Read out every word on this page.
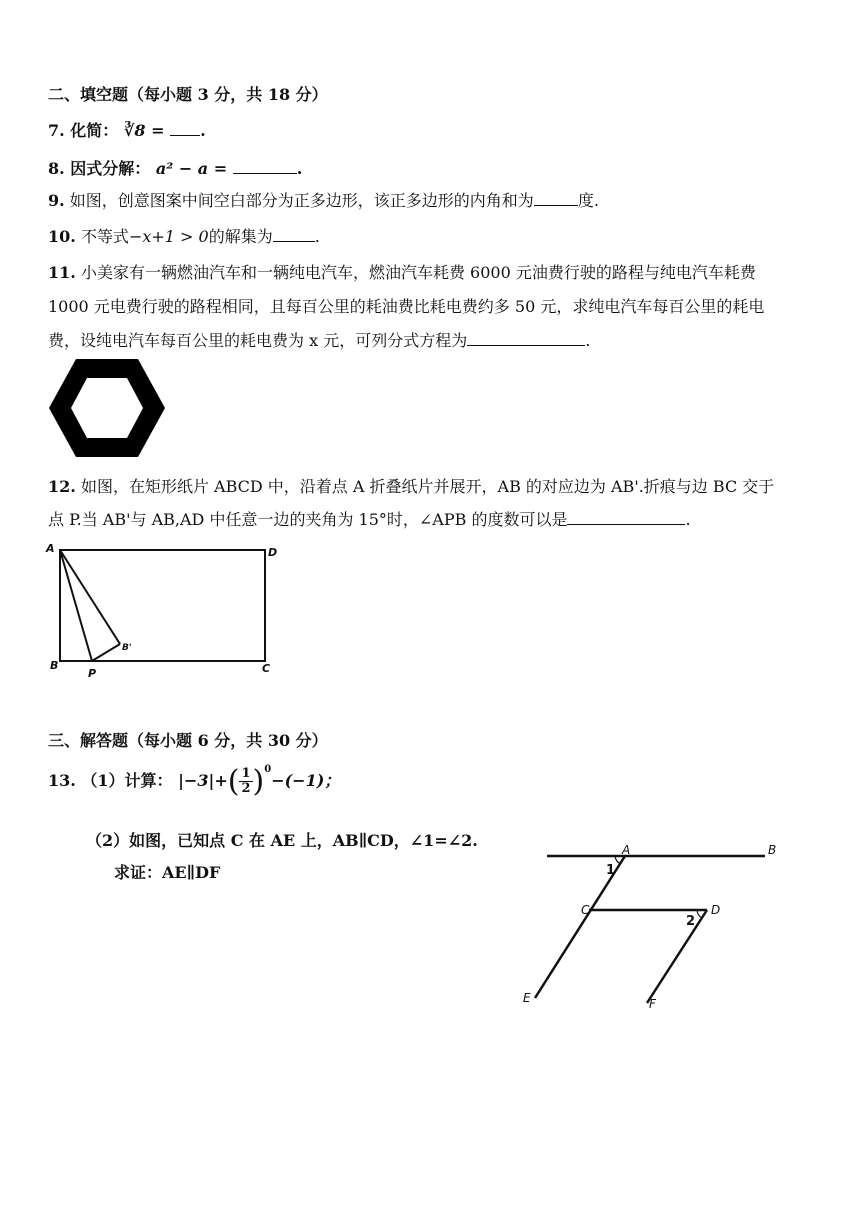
二、填空题（每小题 3 分，共 18 分）
7. 化简： ∛8 = .
8. 因式分解： a² − a =	.
9. 如图，创意图案中间空白部分为正多边形，该正多边形的内角和为	度.
10. 不等式−x+1 > 0的解集为	.
11. 小美家有一辆燃油汽车和一辆纯电汽车，燃油汽车耗费 6000 元油费行驶的路程与纯电汽车耗费
1000 元电费行驶的路程相同，且每百公里的耗油费比耗电费约多 50 元，求纯电汽车每百公里的耗电
费，设纯电汽车每百公里的耗电费为 x 元，可列分式方程为	.
12. 如图，在矩形纸片 ABCD 中，沿着点 A 折叠纸片并展开，AB 的对应边为 AB'.折痕与边 BC 交于
点 P.当 AB'与 AB,AD 中任意一边的夹角为 15°时，∠APB 的度数可以是	.
A	D
B	C
P
B'
三、解答题（每小题 6 分，共 30 分）
13. （1）计算： $|-3|+( \frac{1}{2} )^0-(-1)$；
（2）如图，已知点 C 在 AE 上，AB∥CD，∠1=∠2.
求证：AE∥DF
A	B
C	D
E	F
1
2
